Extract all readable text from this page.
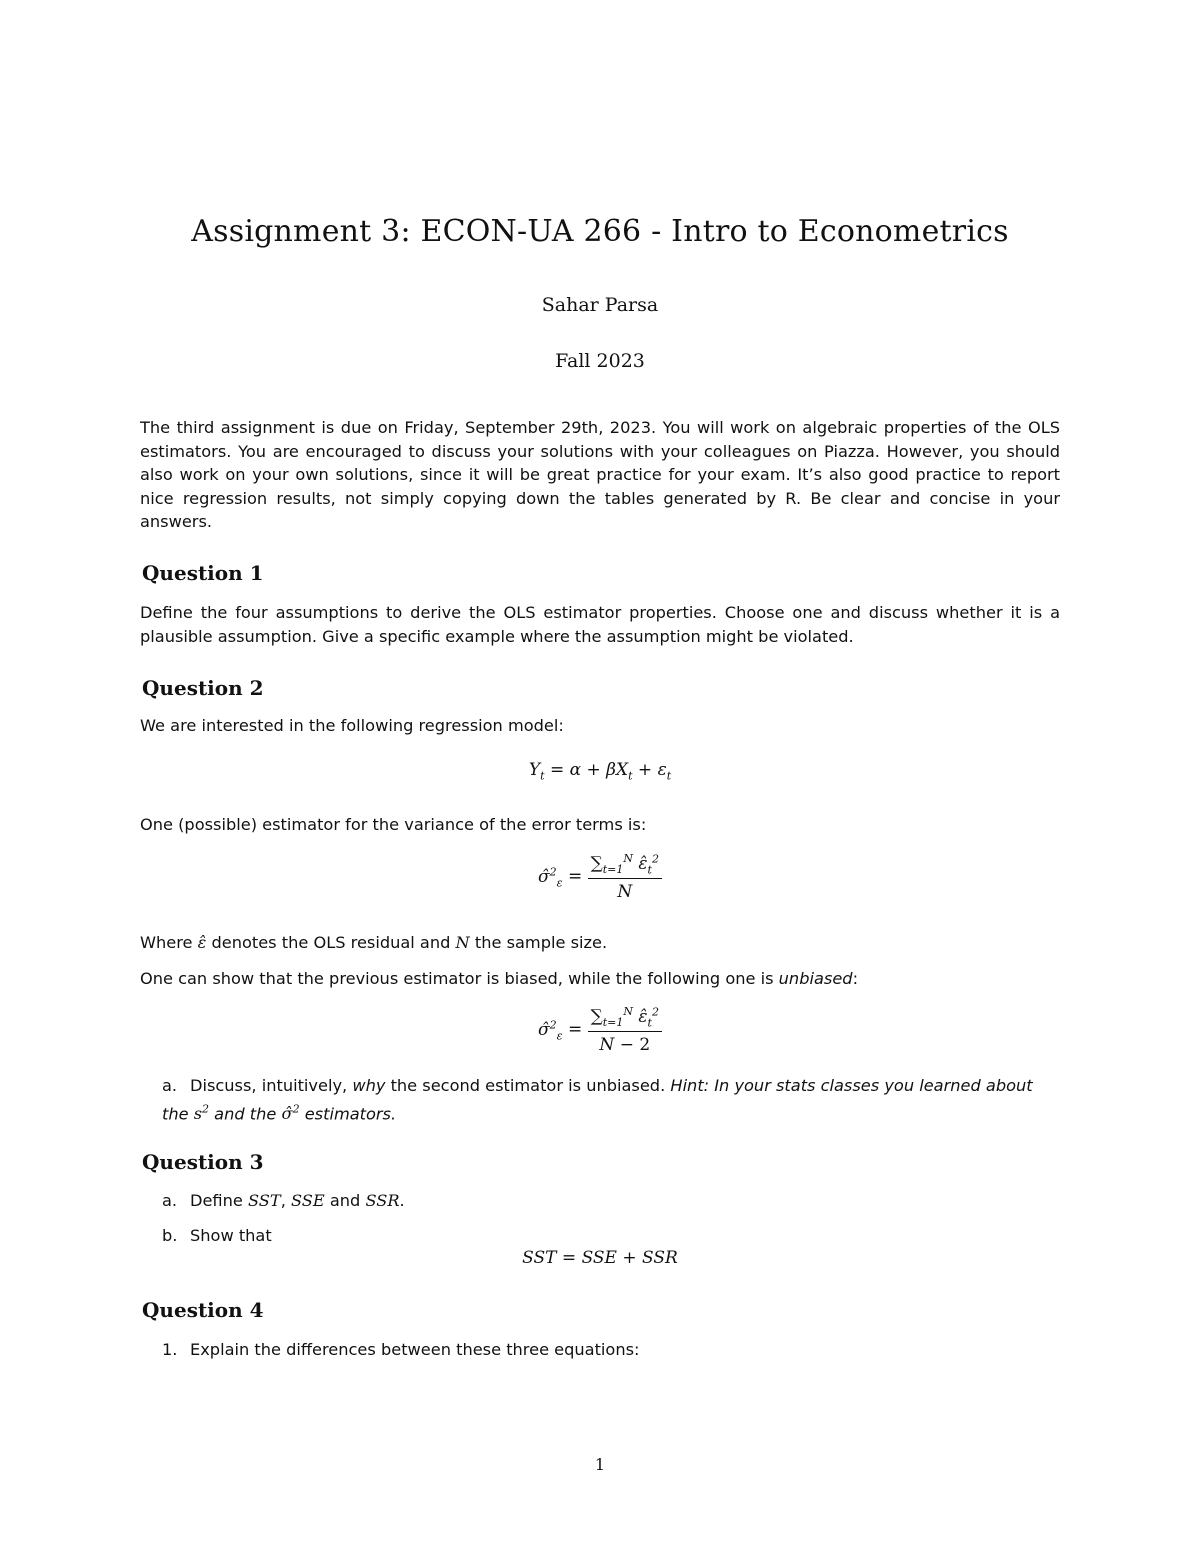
Assignment 3: ECON-UA 266 - Intro to Econometrics
Sahar Parsa
Fall 2023
The third assignment is due on Friday, September 29th, 2023. You will work on algebraic properties of the OLS estimators. You are encouraged to discuss your solutions with your colleagues on Piazza. However, you should also work on your own solutions, since it will be great practice for your exam. It’s also good practice to report nice regression results, not simply copying down the tables generated by R. Be clear and concise in your answers.
Question 1
Define the four assumptions to derive the OLS estimator properties. Choose one and discuss whether it is a plausible assumption. Give a specific example where the assumption might be violated.
Question 2
We are interested in the following regression model:
$Y_t = \alpha + \beta X_t + \varepsilon_t$
One (possible) estimator for the variance of the error terms is:
σ̂$^2_\varepsilon$ = $\frac{\sum_{t=1}^N \varepsilon̂_t^2}{N}$
Where ε̂ denotes the OLS residual and N the sample size.
One can show that the previous estimator is biased, while the following one is unbiased:
σ̂$^2_\varepsilon$ = $\frac{\sum_{t=1}^N \varepsilon̂_t^2}{N - 2}$
a. Discuss, intuitively, why the second estimator is unbiased. Hint: In your stats classes you learned about the $s^2$ and the σ̂$^2$ estimators.
Question 3
a. Define SST, SSE and SSR.
b. Show that
SST = SSE + SSR
Question 4
1. Explain the differences between these three equations:
1
